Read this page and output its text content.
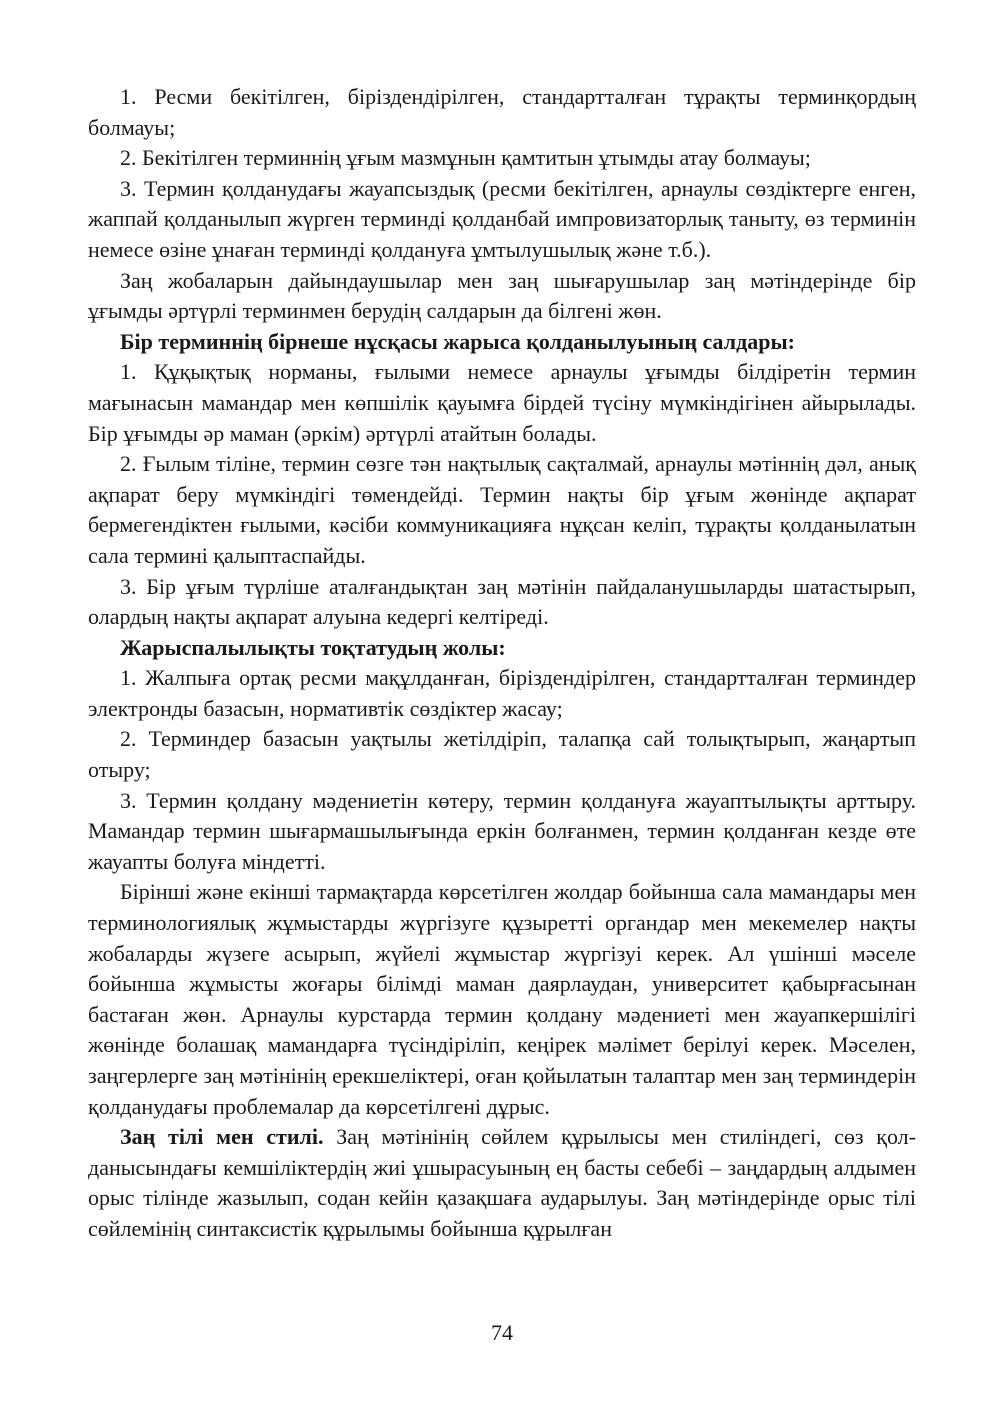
1. Ресми бекітілген, біріздендірілген, стандартталған тұрақты терминқордың болмауы;

2. Бекітілген терминнің ұғым мазмұнын қамтитын ұтымды атау болмауы;

3. Термин қолданудағы жауапсыздық (ресми бекітілген, арнаулы сөздіктерге енген, жаппай қолданылып жүрген терминді қолданбай импровизаторлық таныту, өз терминін немесе өзіне ұнаған терминді қолдануға ұмтылушылық және т.б.).

Заң жобаларын дайындаушылар мен заң шығарушылар заң мәтіндерінде бір ұғымды әртүрлі терминмен берудің салдарын да білгені жөн.

Бір терминнің бірнеше нұсқасы жарыса қолданылуының салдары:

1. Құқықтық норманы, ғылыми немесе арнаулы ұғымды білдіретін термин мағынасын мамандар мен көпшілік қауымға бірдей түсіну мүмкіндігінен айырылады. Бір ұғымды әр маман (әркім) әртүрлі атайтын болады.

2. Ғылым тіліне, термин сөзге тән нақтылық сақталмай, арнаулы мәтіннің дәл, анық ақпарат беру мүмкіндігі төмендейді. Термин нақты бір ұғым жөнінде ақпарат бермегендіктен ғылыми, кәсіби коммуникацияға нұқсан келіп, тұрақты қолданылатын сала термині қалыптаспайды.

3. Бір ұғым түрліше аталғандықтан заң мәтінін пайдаланушыларды шатастырып, олардың нақты ақпарат алуына кедергі келтіреді.

Жарыспалылықты тоқтатудың жолы:

1. Жалпыға ортақ ресми мақұлданған, біріздендірілген, стандартталған терминдер электронды базасын, нормативтік сөздіктер жасау;

2. Терминдер базасын уақтылы жетілдіріп, талапқа сай толықтырып, жаңартып отыру;

3. Термин қолдану мәдениетін көтеру, термин қолдануға жауаптылықты арттыру. Мамандар термин шығармашылығында еркін болғанмен, термин қолданған кезде өте жауапты болуға міндетті.

Бірінші және екінші тармақтарда көрсетілген жолдар бойынша сала мамандары мен терминологиялық жұмыстарды жүргізуге құзыретті органдар мен мекемелер нақты жобаларды жүзеге асырып, жүйелі жұмыстар жүргізуі керек. Ал үшінші мәселе бойынша жұмысты жоғары білімді маман даярлаудан, университет қабырғасынан бастаған жөн. Арнаулы курстарда термин қолдану мәдениеті мен жауапкершілігі жөнінде болашақ мамандарға түсіндіріліп, кеңірек мәлімет берілуі керек. Мәселен, заңгерлерге заң мәтінінің ерекшеліктері, оған қойылатын талаптар мен заң терминдерін қолданудағы проблемалар да көрсетілгені дұрыс.

Заң тілі мен стилі. Заң мәтінінің сөйлем құрылысы мен стиліндегі, сөз қолданысындағы кемшіліктердің жиі ұшырасуының ең басты себебі – заңдардың алдымен орыс тілінде жазылып, содан кейін қазақшаға аударылуы. Заң мәтіндерінде орыс тілі сөйлемінің синтаксистік құрылымы бойынша құрылған

74
